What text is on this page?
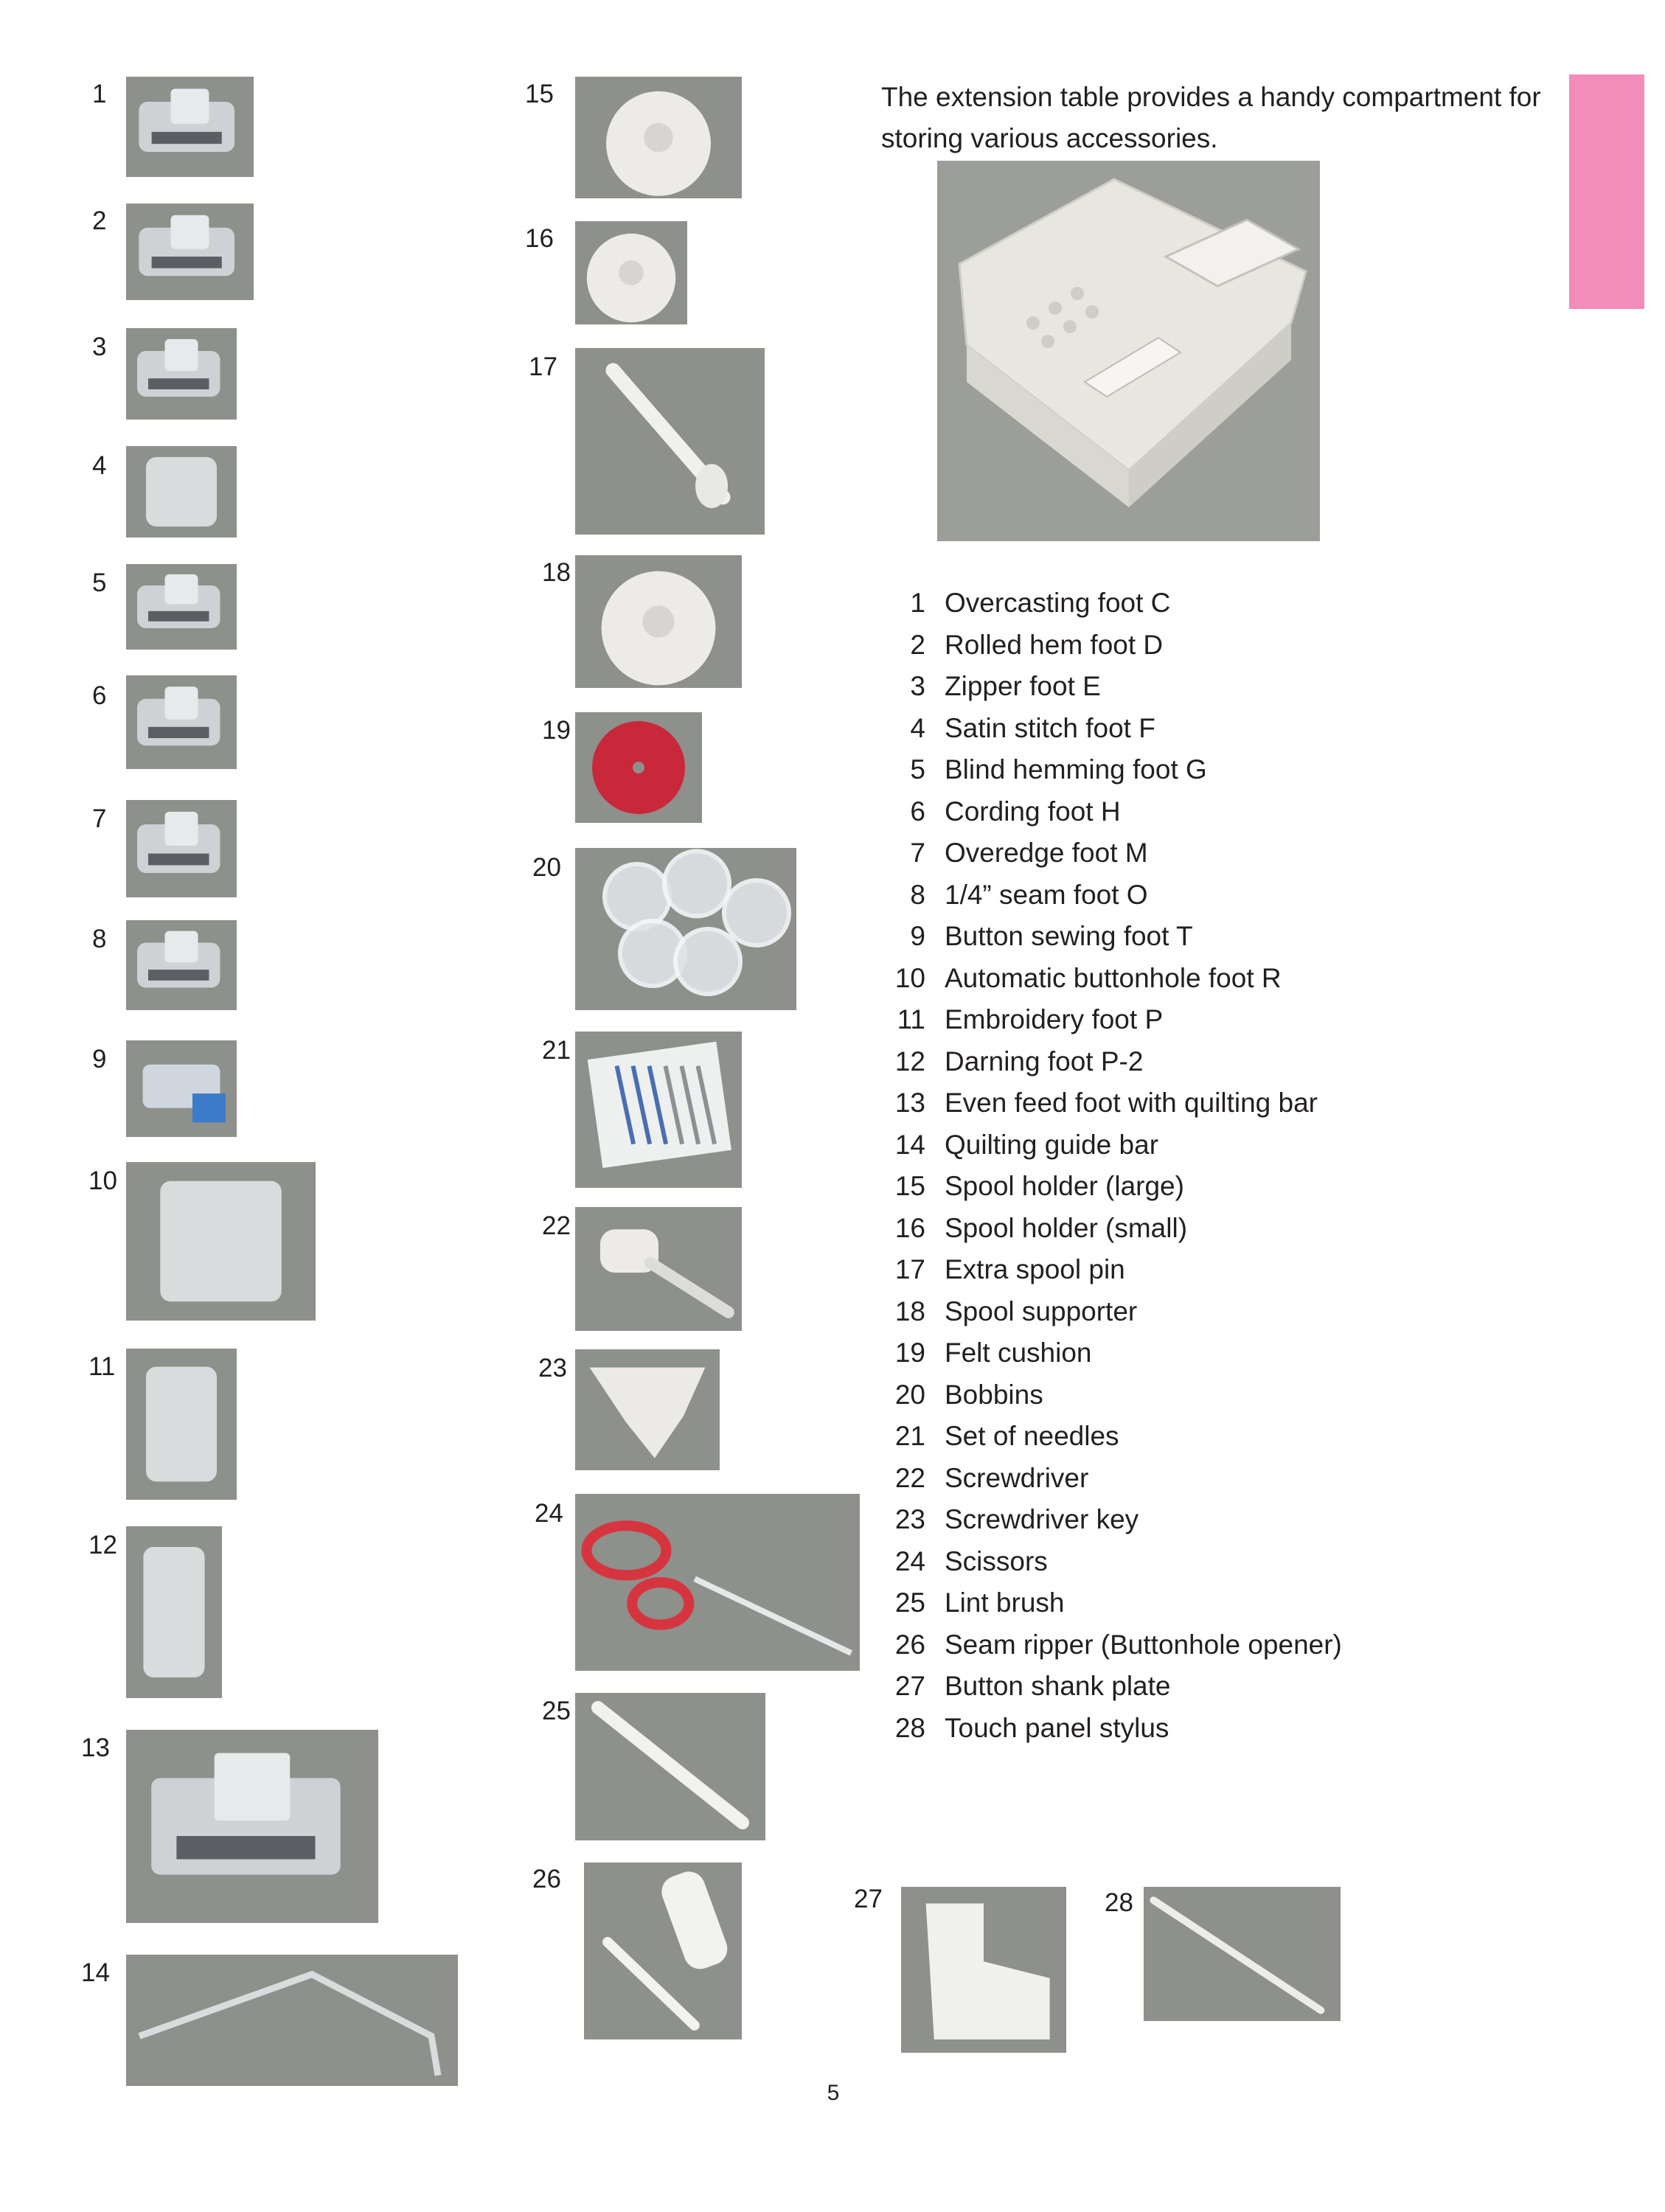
The extension table provides a handy compartment for storing various accessories.
1 Overcasting foot C
2 Rolled hem foot D
3 Zipper foot E
4 Satin stitch foot F
5 Blind hemming foot G
6 Cording foot H
7 Overedge foot M
8 1/4” seam foot O
9 Button sewing foot T
10 Automatic buttonhole foot R
11 Embroidery foot P
12 Darning foot P-2
13 Even feed foot with quilting bar
14 Quilting guide bar
15 Spool holder (large)
16 Spool holder (small)
17 Extra spool pin
18 Spool supporter
19 Felt cushion
20 Bobbins
21 Set of needles
22 Screwdriver
23 Screwdriver key
24 Scissors
25 Lint brush
26 Seam ripper (Buttonhole opener)
27 Button shank plate
28 Touch panel stylus
1
2
3
4
5
6
7
8
9
10
11
12
13
14
15
16
17
18
19
20
21
22
23
24
25
26
27	28
5
